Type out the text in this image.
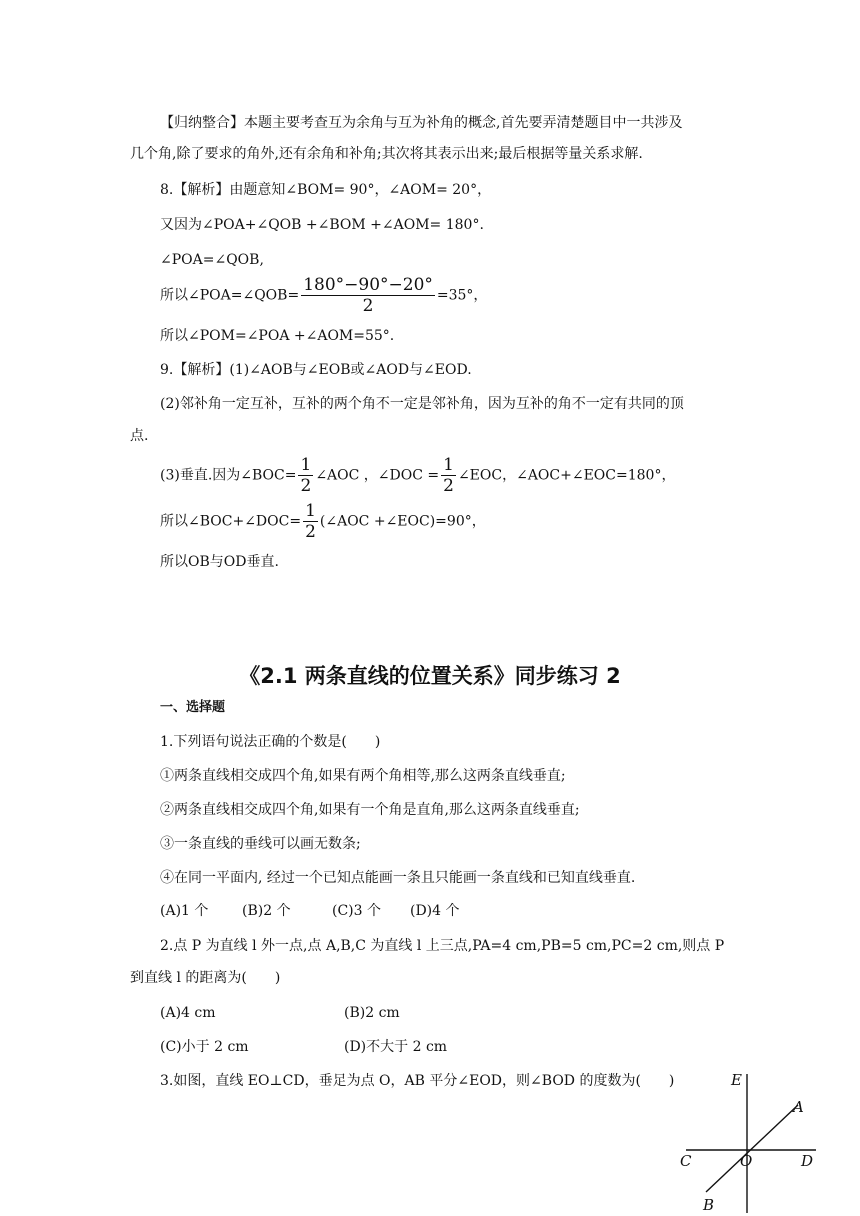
【归纳整合】本题主要考查互为余角与互为补角的概念,首先要弄清楚题目中一共涉及
几个角,除了要求的角外,还有余角和补角;其次将其表示出来;最后根据等量关系求解.
8.【解析】由题意知∠BOM= 90°，∠AOM= 20°，
又因为∠POA+∠QOB +∠BOM +∠AOM= 180°.
∠POA=∠QOB,
所以∠POA=∠QOB= $\frac{180^\circ-90^\circ-20^\circ}{2} =35^\circ$，
所以∠POM=∠POA +∠AOM=55°.
9.【解析】(1)∠AOB与∠EOB或∠AOD与∠EOD.
(2)邻补角一定互补，互补的两个角不一定是邻补角，因为互补的角不一定有共同的顶
点.
(3)垂直.因为∠BOC= $\frac{1}{2}$ ∠AOC ，∠DOC = $\frac{1}{2}$ ∠EOC，∠AOC+∠EOC=180°，
所以∠BOC+∠DOC= $\frac{1}{2}$ (∠AOC +∠EOC)=90°，
所以OB与OD垂直.
《2.1 两条直线的位置关系》同步练习 2
一、选择题
1.下列语句说法正确的个数是(　　)
①两条直线相交成四个角,如果有两个角相等,那么这两条直线垂直;
②两条直线相交成四个角,如果有一个角是直角,那么这两条直线垂直;
③一条直线的垂线可以画无数条;
④在同一平面内, 经过一个已知点能画一条且只能画一条直线和已知直线垂直.
(A)1 个 (B)2 个	(C)3 个 (D)4 个
2.点 P 为直线 l 外一点,点 A,B,C 为直线 l 上三点,PA=4 cm,PB=5 cm,PC=2 cm,则点 P
到直线 l 的距离为(　　)
(A)4 cm	(B)2 cm
(C)小于 2 cm	(D)不大于 2 cm
3.如图，直线 EO⊥CD，垂足为点 O，AB 平分∠EOD，则∠BOD 的度数为(　　)	E
A
C	O	D
B
